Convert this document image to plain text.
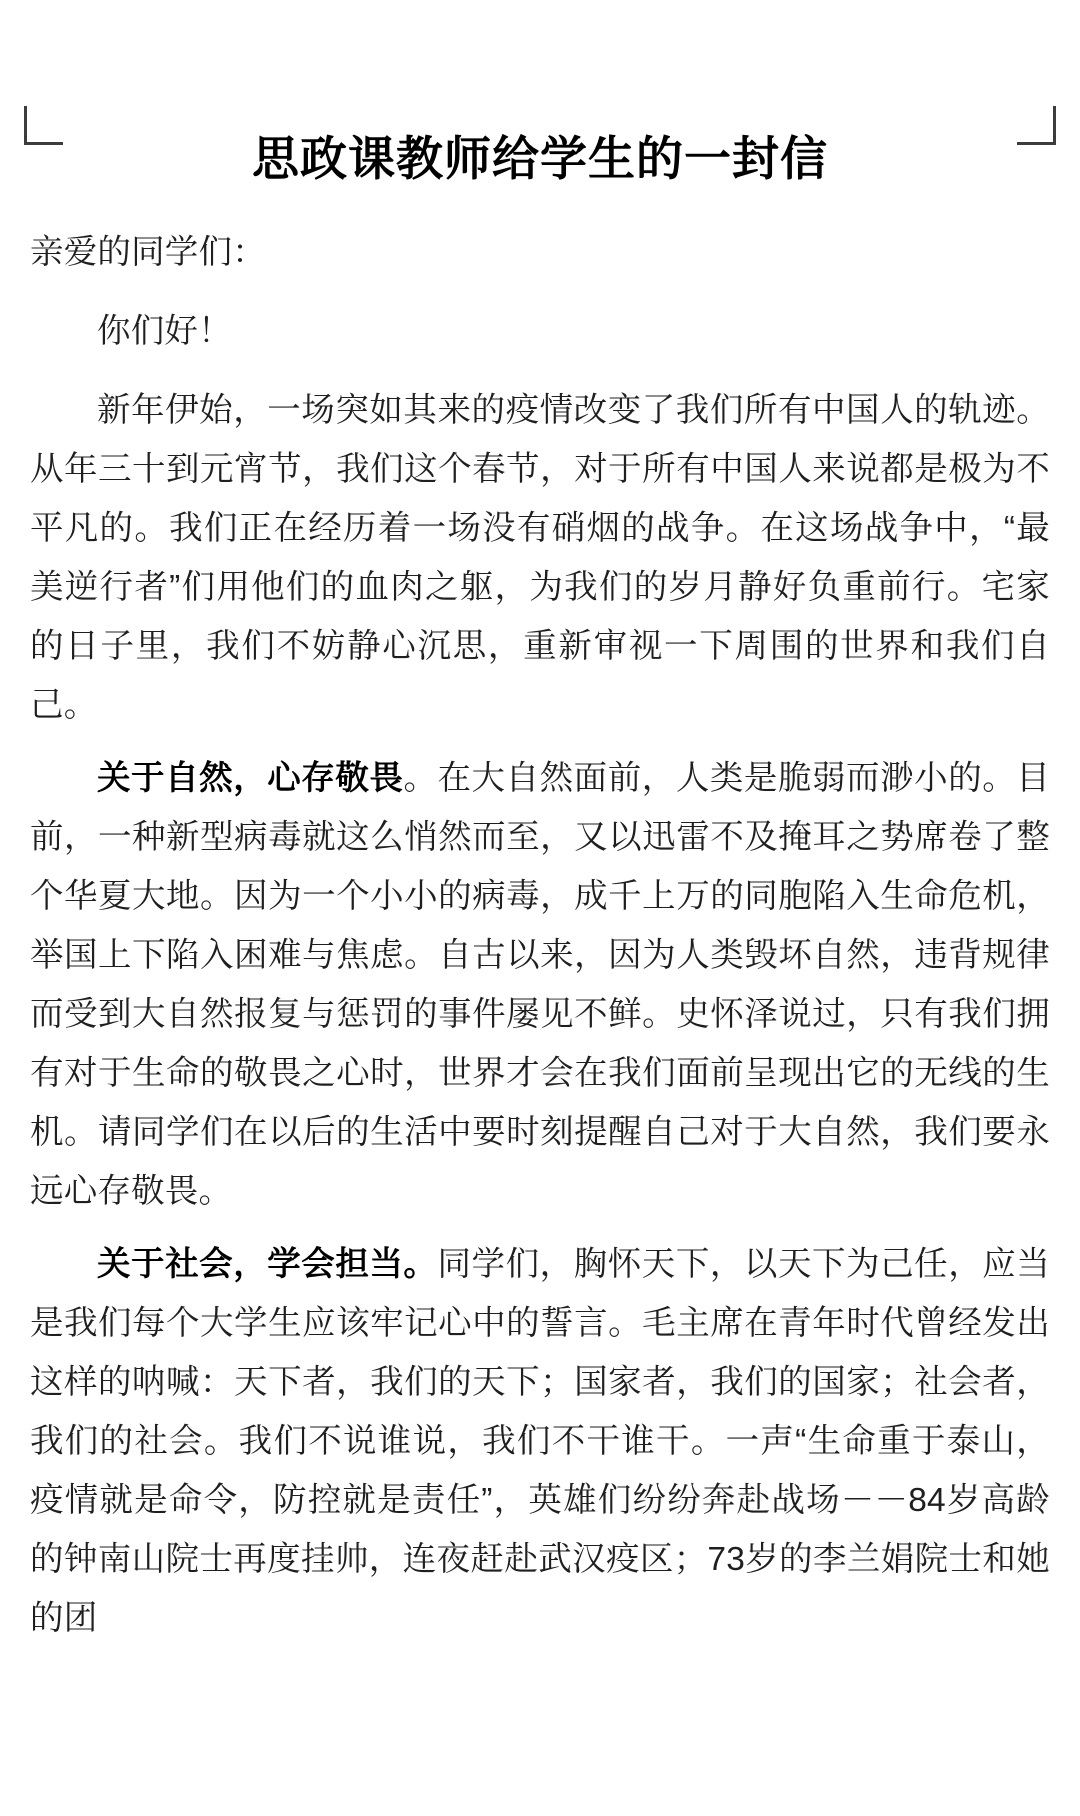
思政课教师给学生的一封信

亲爱的同学们：

你们好！

新年伊始，一场突如其来的疫情改变了我们所有中国人的轨迹。从年三十到元宵节，我们这个春节，对于所有中国人来说都是极为不平凡的。我们正在经历着一场没有硝烟的战争。在这场战争中，“最美逆行者”们用他们的血肉之躯，为我们的岁月静好负重前行。宅家的日子里，我们不妨静心沉思，重新审视一下周围的世界和我们自己。

关于自然，心存敬畏。在大自然面前，人类是脆弱而渺小的。目前，一种新型病毒就这么悄然而至，又以迅雷不及掩耳之势席卷了整个华夏大地。因为一个小小的病毒，成千上万的同胞陷入生命危机，举国上下陷入困难与焦虑。自古以来，因为人类毁坏自然，违背规律而受到大自然报复与惩罚的事件屡见不鲜。史怀泽说过，只有我们拥有对于生命的敬畏之心时，世界才会在我们面前呈现出它的无线的生机。请同学们在以后的生活中要时刻提醒自己对于大自然，我们要永远心存敬畏。

关于社会，学会担当。同学们，胸怀天下，以天下为己任，应当是我们每个大学生应该牢记心中的誓言。毛主席在青年时代曾经发出这样的呐喊：天下者，我们的天下；国家者，我们的国家；社会者，我们的社会。我们不说谁说，我们不干谁干。一声“生命重于泰山，疫情就是命令，防控就是责任”，英雄们纷纷奔赴战场－－84岁高龄的钟南山院士再度挂帅，连夜赶赴武汉疫区；73岁的李兰娟院士和她的团
